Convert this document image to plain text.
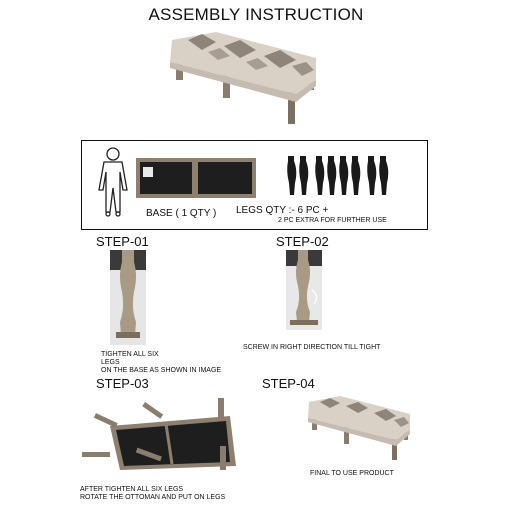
ASSEMBLY INSTRUCTION
BASE ( 1 QTY ) LEGS QTY :- 6 PC +
2 PC EXTRA FOR FURTHER USE
STEP-01
TIGHTEN ALL SIX
LEGS
ON THE BASE AS SHOWN IN IMAGE
STEP-02
SCREW IN RIGHT DIRECTION TILL TIGHT
STEP-03
AFTER TIGHTEN ALL SIX LEGS
ROTATE THE OTTOMAN AND PUT ON LEGS
STEP-04
FINAL TO USE PRODUCT
